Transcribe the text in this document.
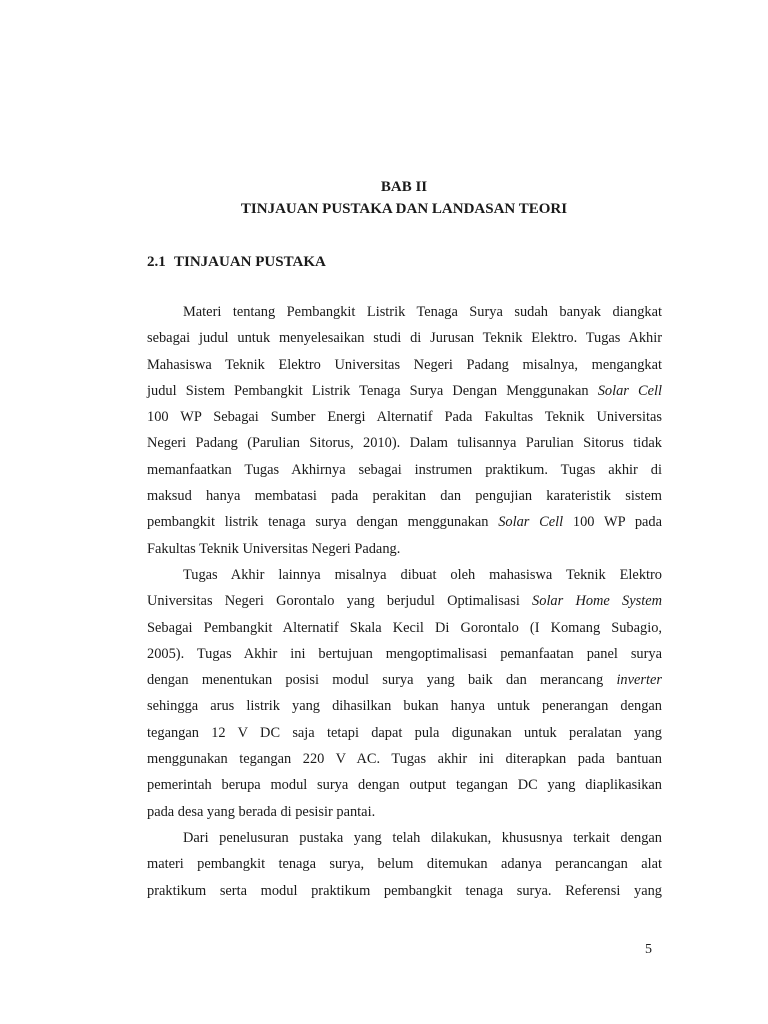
BAB II
TINJAUAN PUSTAKA DAN LANDASAN TEORI
2.1 TINJAUAN PUSTAKA
Materi tentang Pembangkit Listrik Tenaga Surya sudah banyak diangkat
sebagai judul untuk menyelesaikan studi di Jurusan Teknik Elektro. Tugas Akhir
Mahasiswa Teknik Elektro Universitas Negeri Padang misalnya, mengangkat
judul Sistem Pembangkit Listrik Tenaga Surya Dengan Menggunakan Solar Cell
100 WP Sebagai Sumber Energi Alternatif Pada Fakultas Teknik Universitas
Negeri Padang (Parulian Sitorus, 2010). Dalam tulisannya Parulian Sitorus tidak
memanfaatkan Tugas Akhirnya sebagai instrumen praktikum. Tugas akhir di
maksud hanya membatasi pada perakitan dan pengujian karateristik sistem
pembangkit listrik tenaga surya dengan menggunakan Solar Cell 100 WP pada
Fakultas Teknik Universitas Negeri Padang.
Tugas Akhir lainnya misalnya dibuat oleh mahasiswa Teknik Elektro
Universitas Negeri Gorontalo yang berjudul Optimalisasi Solar Home System
Sebagai Pembangkit Alternatif Skala Kecil Di Gorontalo (I Komang Subagio,
2005). Tugas Akhir ini bertujuan mengoptimalisasi pemanfaatan panel surya
dengan menentukan posisi modul surya yang baik dan merancang inverter
sehingga arus listrik yang dihasilkan bukan hanya untuk penerangan dengan
tegangan 12 V DC saja tetapi dapat pula digunakan untuk peralatan yang
menggunakan tegangan 220 V AC. Tugas akhir ini diterapkan pada bantuan
pemerintah berupa modul surya dengan output tegangan DC yang diaplikasikan
pada desa yang berada di pesisir pantai.
Dari penelusuran pustaka yang telah dilakukan, khususnya terkait dengan
materi pembangkit tenaga surya, belum ditemukan adanya perancangan alat
praktikum serta modul praktikum pembangkit tenaga surya. Referensi yang
5
